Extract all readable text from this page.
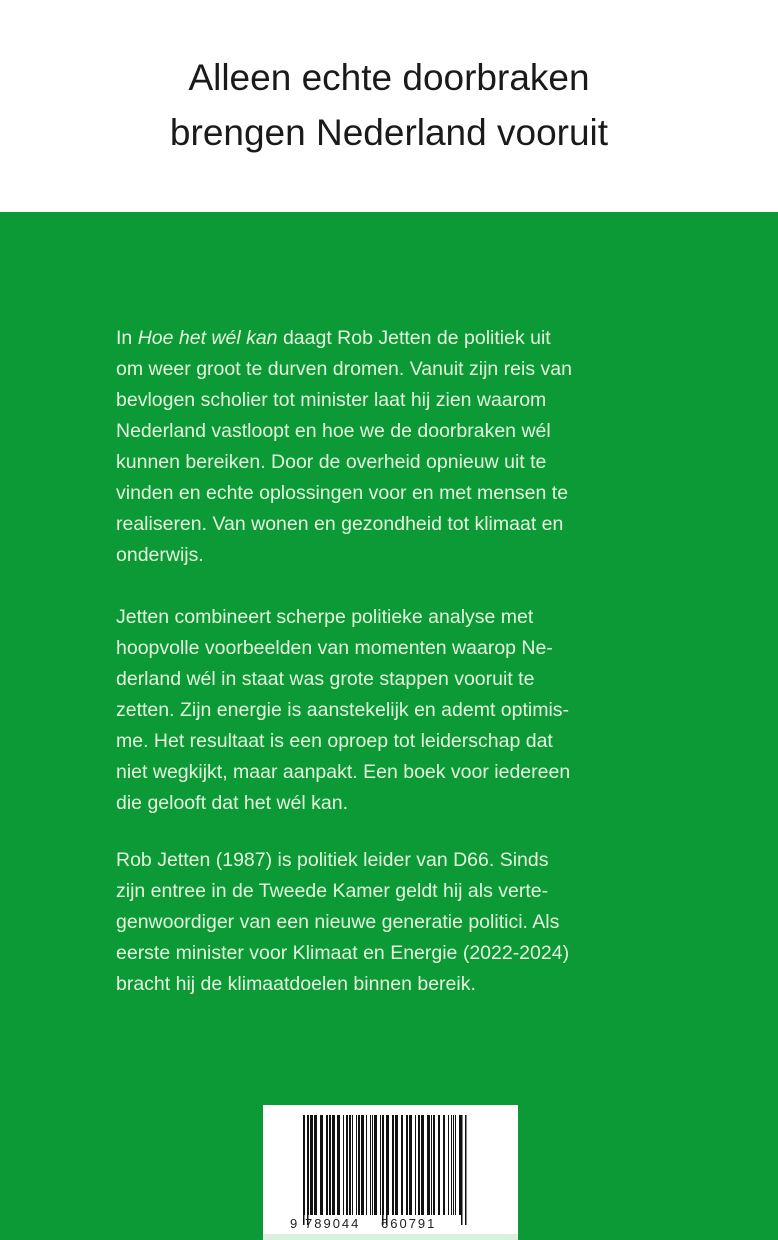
Alleen echte doorbraken
brengen Nederland vooruit
In Hoe het wél kan daagt Rob Jetten de politiek uit
om weer groot te durven dromen. Vanuit zijn reis van
bevlogen scholier tot minister laat hij zien waarom
Nederland vastloopt en hoe we de doorbraken wél
kunnen bereiken. Door de overheid opnieuw uit te
vinden en echte oplossingen voor en met mensen te
realiseren. Van wonen en gezondheid tot klimaat en
onderwijs.
Jetten combineert scherpe politieke analyse met
hoopvolle voorbeelden van momenten waarop Ne-
derland wél in staat was grote stappen vooruit te
zetten. Zijn energie is aanstekelijk en ademt optimis-
me. Het resultaat is een oproep tot leiderschap dat
niet wegkijkt, maar aanpakt. Een boek voor iedereen
die gelooft dat het wél kan.
Rob Jetten (1987) is politiek leider van D66. Sinds
zijn entree in de Tweede Kamer geldt hij als verte-
genwoordiger van een nieuwe generatie politici. Als
eerste minister voor Klimaat en Energie (2022-2024)
bracht hij de klimaatdoelen binnen bereik.
9 789044 660791
